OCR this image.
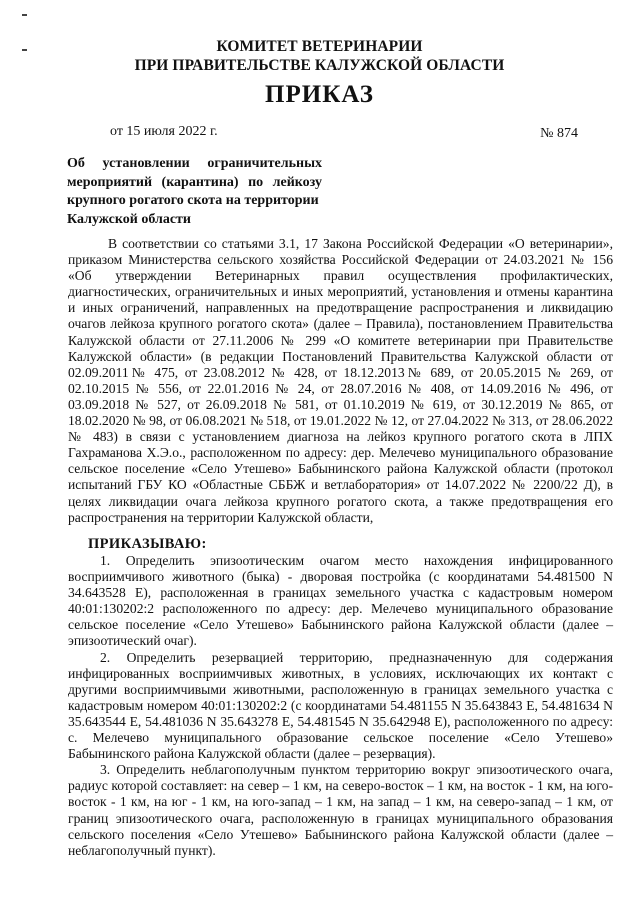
КОМИТЕТ ВЕТЕРИНАРИИ
ПРИ ПРАВИТЕЛЬСТВЕ КАЛУЖСКОЙ ОБЛАСТИ
ПРИКАЗ
от 15 июля 2022 г.	№ 874
Об установлении ограничительных
мероприятий (карантина) по лейкозу
крупного рогатого скота на территории
Калужской области

В соответствии со статьями 3.1, 17 Закона Российской Федерации «О ветеринарии», приказом Министерства сельского хозяйства Российской Федерации от 24.03.2021 № 156 «Об утверждении Ветеринарных правил осуществления профилактических, диагностических, ограничительных и иных мероприятий, установления и отмены карантина и иных ограничений, направленных на предотвращение распространения и ликвидацию очагов лейкоза крупного рогатого скота» (далее – Правила), постановлением Правительства Калужской области от 27.11.2006 № 299 «О комитете ветеринарии при Правительстве Калужской области» (в редакции Постановлений Правительства Калужской области от 02.09.2011№ 475, от 23.08.2012 № 428, от 18.12.2013№ 689, от 20.05.2015 № 269, от 02.10.2015 № 556, от 22.01.2016 № 24, от 28.07.2016 № 408, от 14.09.2016 № 496, от 03.09.2018 № 527, от 26.09.2018 № 581, от 01.10.2019 № 619, от 30.12.2019 № 865, от 18.02.2020 № 98, от 06.08.2021 № 518, от 19.01.2022 № 12, от 27.04.2022 № 313, от 28.06.2022 № 483) в связи с установлением диагноза на лейкоз крупного рогатого скота в ЛПХ Гахраманова Х.Э.о., расположенном по адресу: дер. Мелечево муниципального образование сельское поселение «Село Утешево» Бабынинского района Калужской области (протокол испытаний ГБУ КО «Областные СББЖ и ветлаборатория» от 14.07.2022 № 2200/22 Д), в целях ликвидации очага лейкоза крупного рогатого скота, а также предотвращения его распространения на территории Калужской области,

ПРИКАЗЫВАЮ:

1. Определить эпизоотическим очагом место нахождения инфицированного восприимчивого животного (быка) - дворовая постройка (с координатами 54.481500 N 34.643528 E), расположенная в границах земельного участка с кадастровым номером 40:01:130202:2 расположенного по адресу: дер. Мелечево муниципального образование сельское поселение «Село Утешево» Бабынинского района Калужской области (далее – эпизоотический очаг).

2. Определить резервацией территорию, предназначенную для содержания инфицированных восприимчивых животных, в условиях, исключающих их контакт с другими восприимчивыми животными, расположенную в границах земельного участка с кадастровым номером 40:01:130202:2 (с координатами 54.481155 N 35.643843 E, 54.481634 N 35.643544 E, 54.481036 N 35.643278 E, 54.481545 N 35.642948 E), расположенного по адресу: с. Мелечево муниципального образование сельское поселение «Село Утешево» Бабынинского района Калужской области (далее – резервация).

3. Определить неблагополучным пунктом территорию вокруг эпизоотического очага, радиус которой составляет: на север – 1 км, на северо-восток – 1 км, на восток - 1 км, на юго-восток - 1 км, на юг - 1 км, на юго-запад – 1 км, на запад – 1 км, на северо-запад – 1 км, от границ эпизоотического очага, расположенную в границах муниципального образования сельского поселения «Село Утешево» Бабынинского района Калужской области (далее – неблагополучный пункт).
